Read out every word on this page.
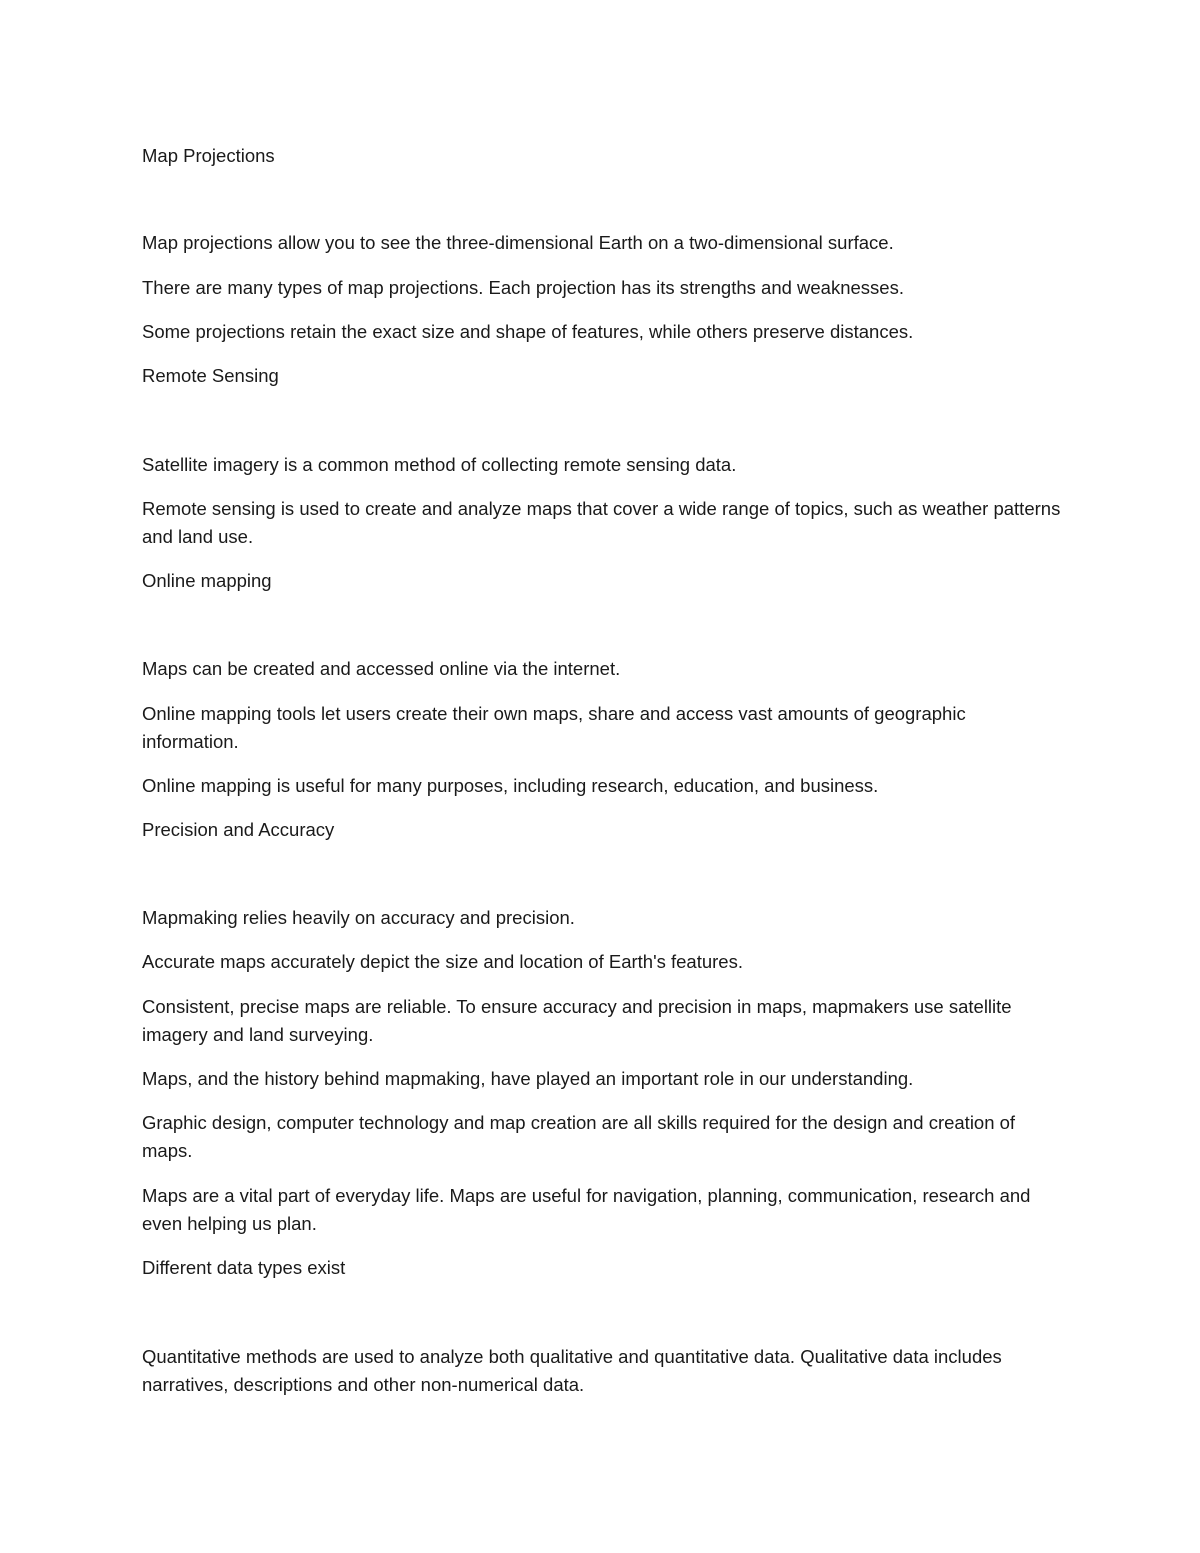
Map Projections

Map projections allow you to see the three-dimensional Earth on a two-dimensional surface.

There are many types of map projections. Each projection has its strengths and weaknesses.

Some projections retain the exact size and shape of features, while others preserve distances.

Remote Sensing

Satellite imagery is a common method of collecting remote sensing data.

Remote sensing is used to create and analyze maps that cover a wide range of topics, such as weather patterns and land use.

Online mapping

Maps can be created and accessed online via the internet.

Online mapping tools let users create their own maps, share and access vast amounts of geographic information.

Online mapping is useful for many purposes, including research, education, and business.

Precision and Accuracy

Mapmaking relies heavily on accuracy and precision.

Accurate maps accurately depict the size and location of Earth's features.

Consistent, precise maps are reliable. To ensure accuracy and precision in maps, mapmakers use satellite imagery and land surveying.

Maps, and the history behind mapmaking, have played an important role in our understanding.

Graphic design, computer technology and map creation are all skills required for the design and creation of maps.

Maps are a vital part of everyday life. Maps are useful for navigation, planning, communication, research and even helping us plan.

Different data types exist

Quantitative methods are used to analyze both qualitative and quantitative data. Qualitative data includes narratives, descriptions and other non-numerical data.
